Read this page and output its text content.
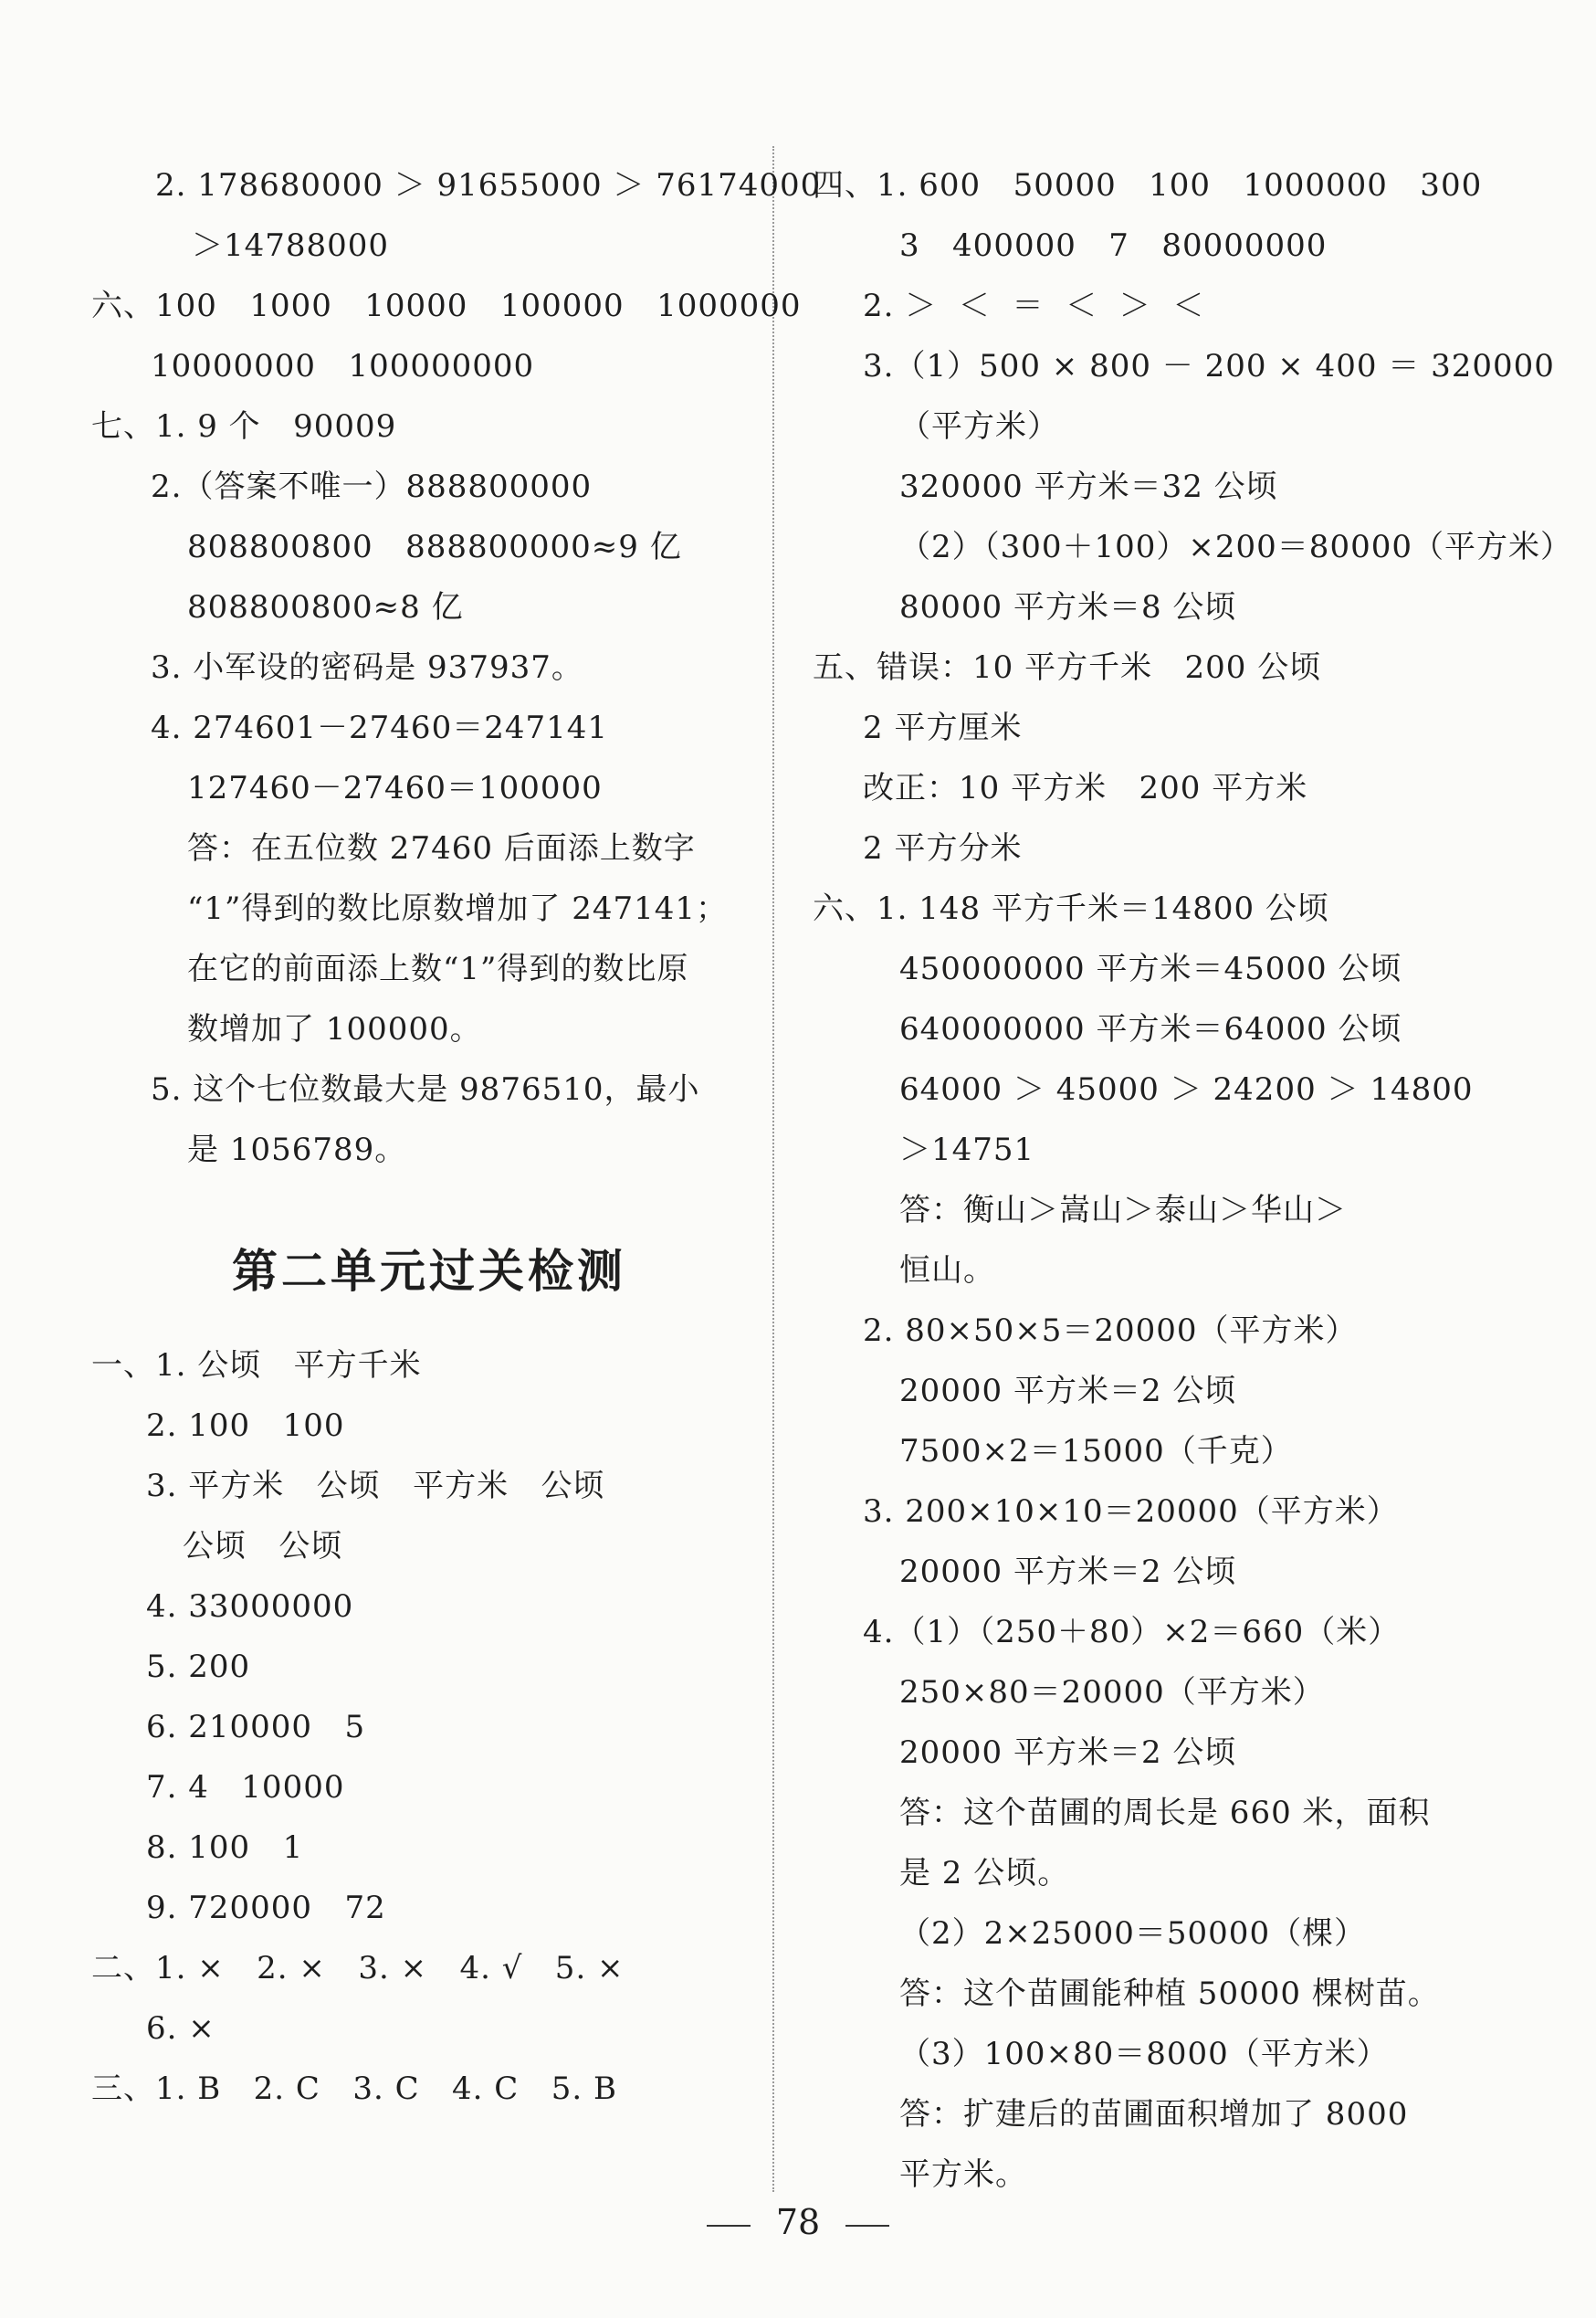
2. 178680000 ＞ 91655000 ＞ 76174000
＞14788000
六、100   1000   10000   100000   1000000
10000000   100000000
七、1. 9 个   90009
2.（答案不唯一）888800000
808800800   888800000≈9 亿
808800800≈8 亿
3. 小军设的密码是 937937。
4. 274601－27460＝247141
127460－27460＝100000
答：在五位数 27460 后面添上数字
“1”得到的数比原数增加了 247141；
在它的前面添上数“1”得到的数比原
数增加了 100000。
5. 这个七位数最大是 9876510，最小
是 1056789。
第二单元过关检测
一、1. 公顷   平方千米
2. 100   100
3. 平方米   公顷   平方米   公顷
公顷   公顷
4. 33000000
5. 200
6. 210000   5
7. 4   10000
8. 100   1
9. 720000   72
二、1. ×   2. ×   3. ×   4. √   5. ×
6. ×
三、1. B   2. C   3. C   4. C   5. B
四、1. 600   50000   100   1000000   300
3   400000   7   80000000
2. ＞  ＜  ＝  ＜  ＞  ＜
3.（1）500 × 800 － 200 × 400 ＝ 320000
（平方米）
320000 平方米＝32 公顷
（2）（300＋100）×200＝80000（平方米）
80000 平方米＝8 公顷
五、错误：10 平方千米   200 公顷
2 平方厘米
改正：10 平方米   200 平方米
2 平方分米
六、1. 148 平方千米＝14800 公顷
450000000 平方米＝45000 公顷
640000000 平方米＝64000 公顷
64000 ＞ 45000 ＞ 24200 ＞ 14800
＞14751
答：衡山＞嵩山＞泰山＞华山＞
恒山。
2. 80×50×5＝20000（平方米）
20000 平方米＝2 公顷
7500×2＝15000（千克）
3. 200×10×10＝20000（平方米）
20000 平方米＝2 公顷
4.（1）（250＋80）×2＝660（米）
250×80＝20000（平方米）
20000 平方米＝2 公顷
答：这个苗圃的周长是 660 米，面积
是 2 公顷。
（2）2×25000＝50000（棵）
答：这个苗圃能种植 50000 棵树苗。
（3）100×80＝8000（平方米）
答：扩建后的苗圃面积增加了 8000
平方米。
78
